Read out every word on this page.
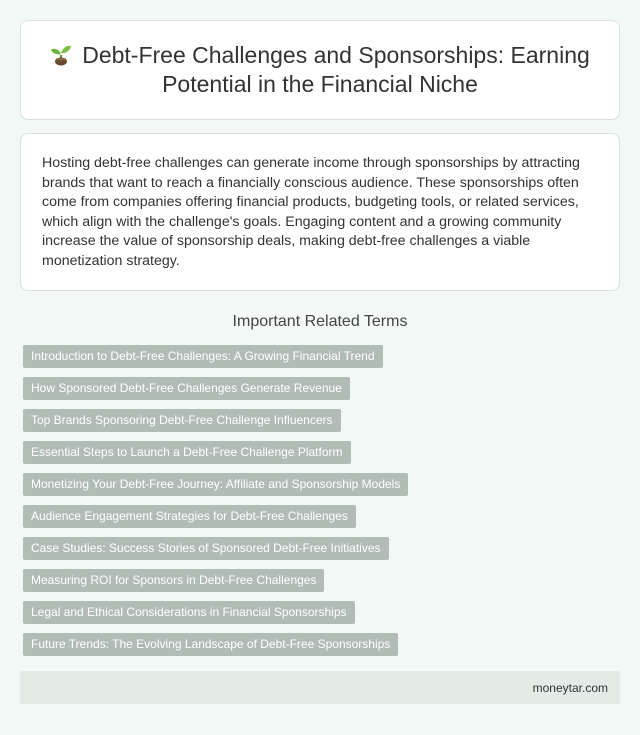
Debt-Free Challenges and Sponsorships: Earning Potential in the Financial Niche

Hosting debt-free challenges can generate income through sponsorships by attracting brands that want to reach a financially conscious audience. These sponsorships often come from companies offering financial products, budgeting tools, or related services, which align with the challenge's goals. Engaging content and a growing community increase the value of sponsorship deals, making debt-free challenges a viable monetization strategy.

Important Related Terms
Introduction to Debt-Free Challenges: A Growing Financial Trend
How Sponsored Debt-Free Challenges Generate Revenue
Top Brands Sponsoring Debt-Free Challenge Influencers
Essential Steps to Launch a Debt-Free Challenge Platform
Monetizing Your Debt-Free Journey: Affiliate and Sponsorship Models
Audience Engagement Strategies for Debt-Free Challenges
Case Studies: Success Stories of Sponsored Debt-Free Initiatives
Measuring ROI for Sponsors in Debt-Free Challenges
Legal and Ethical Considerations in Financial Sponsorships
Future Trends: The Evolving Landscape of Debt-Free Sponsorships
moneytar.com
